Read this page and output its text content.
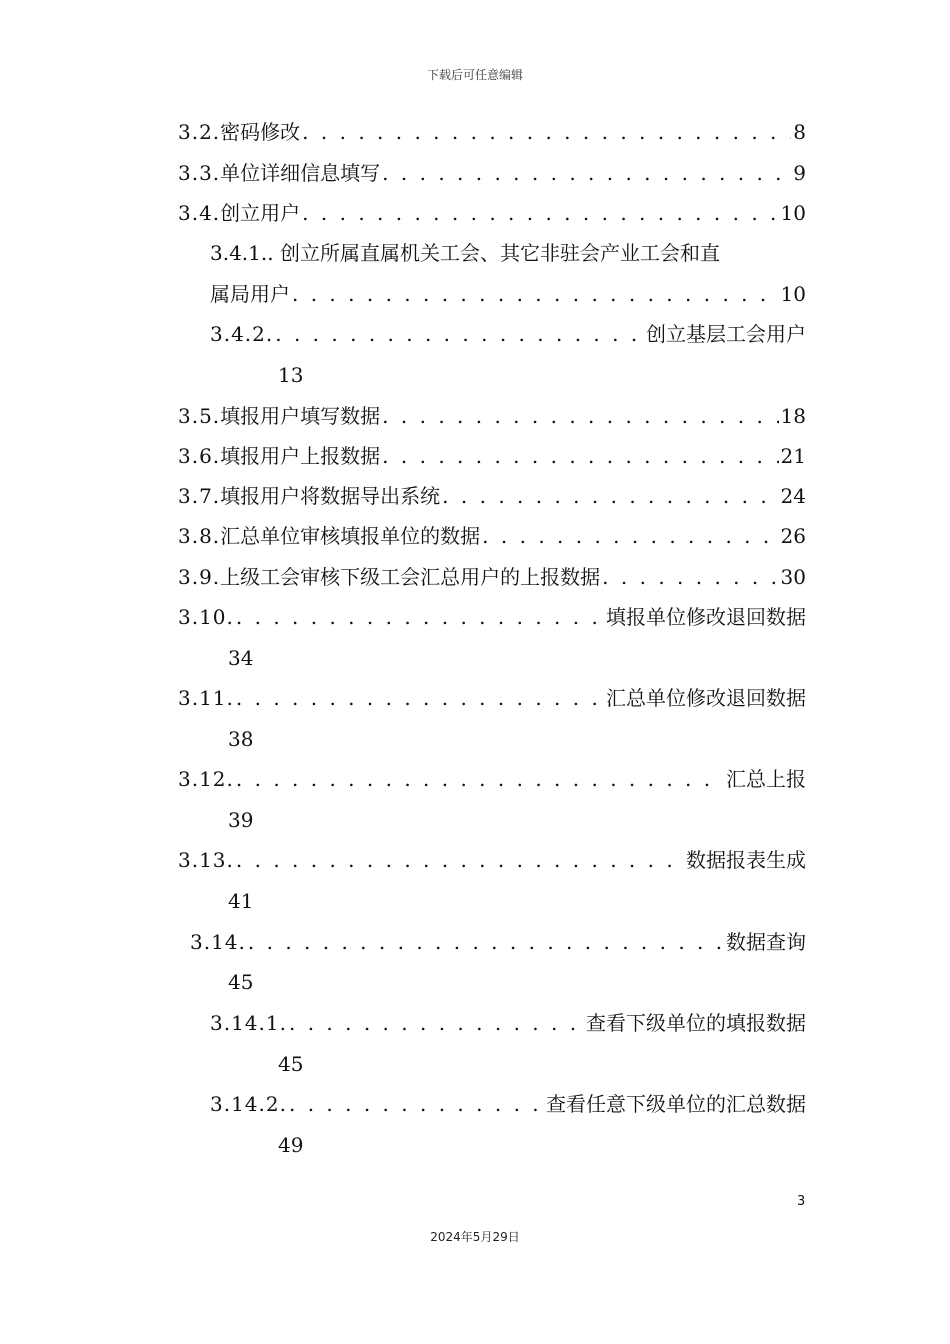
下载后可任意编辑
3.2. 密码修改 . . .	8
3.3. 单位详细信息填写 . . .	9
3.4. 创立用户 . . .	10
3.4.1.. 创立所属直属机关工会、其它非驻会产业工会和直
属局用户 . . .	10
3.4.2. . . .	创立基层工会用户
13
3.5. 填报用户填写数据 . . .	18
3.6. 填报用户上报数据 . . .	21
3.7. 填报用户将数据导出系统 . . .	24
3.8. 汇总单位审核填报单位的数据 . . .	26
3.9. 上级工会审核下级工会汇总用户的上报数据 . . .	30
3.10. . . .	填报单位修改退回数据
34
3.11. . . .	汇总单位修改退回数据
38
3.12. . . .	汇总上报
39
3.13. . . .	数据报表生成
41
3.14. . . .	数据查询
45
3.14.1. . . .	查看下级单位的填报数据
45
3.14.2. . . .	查看任意下级单位的汇总数据
49
3
2024年5月29日
